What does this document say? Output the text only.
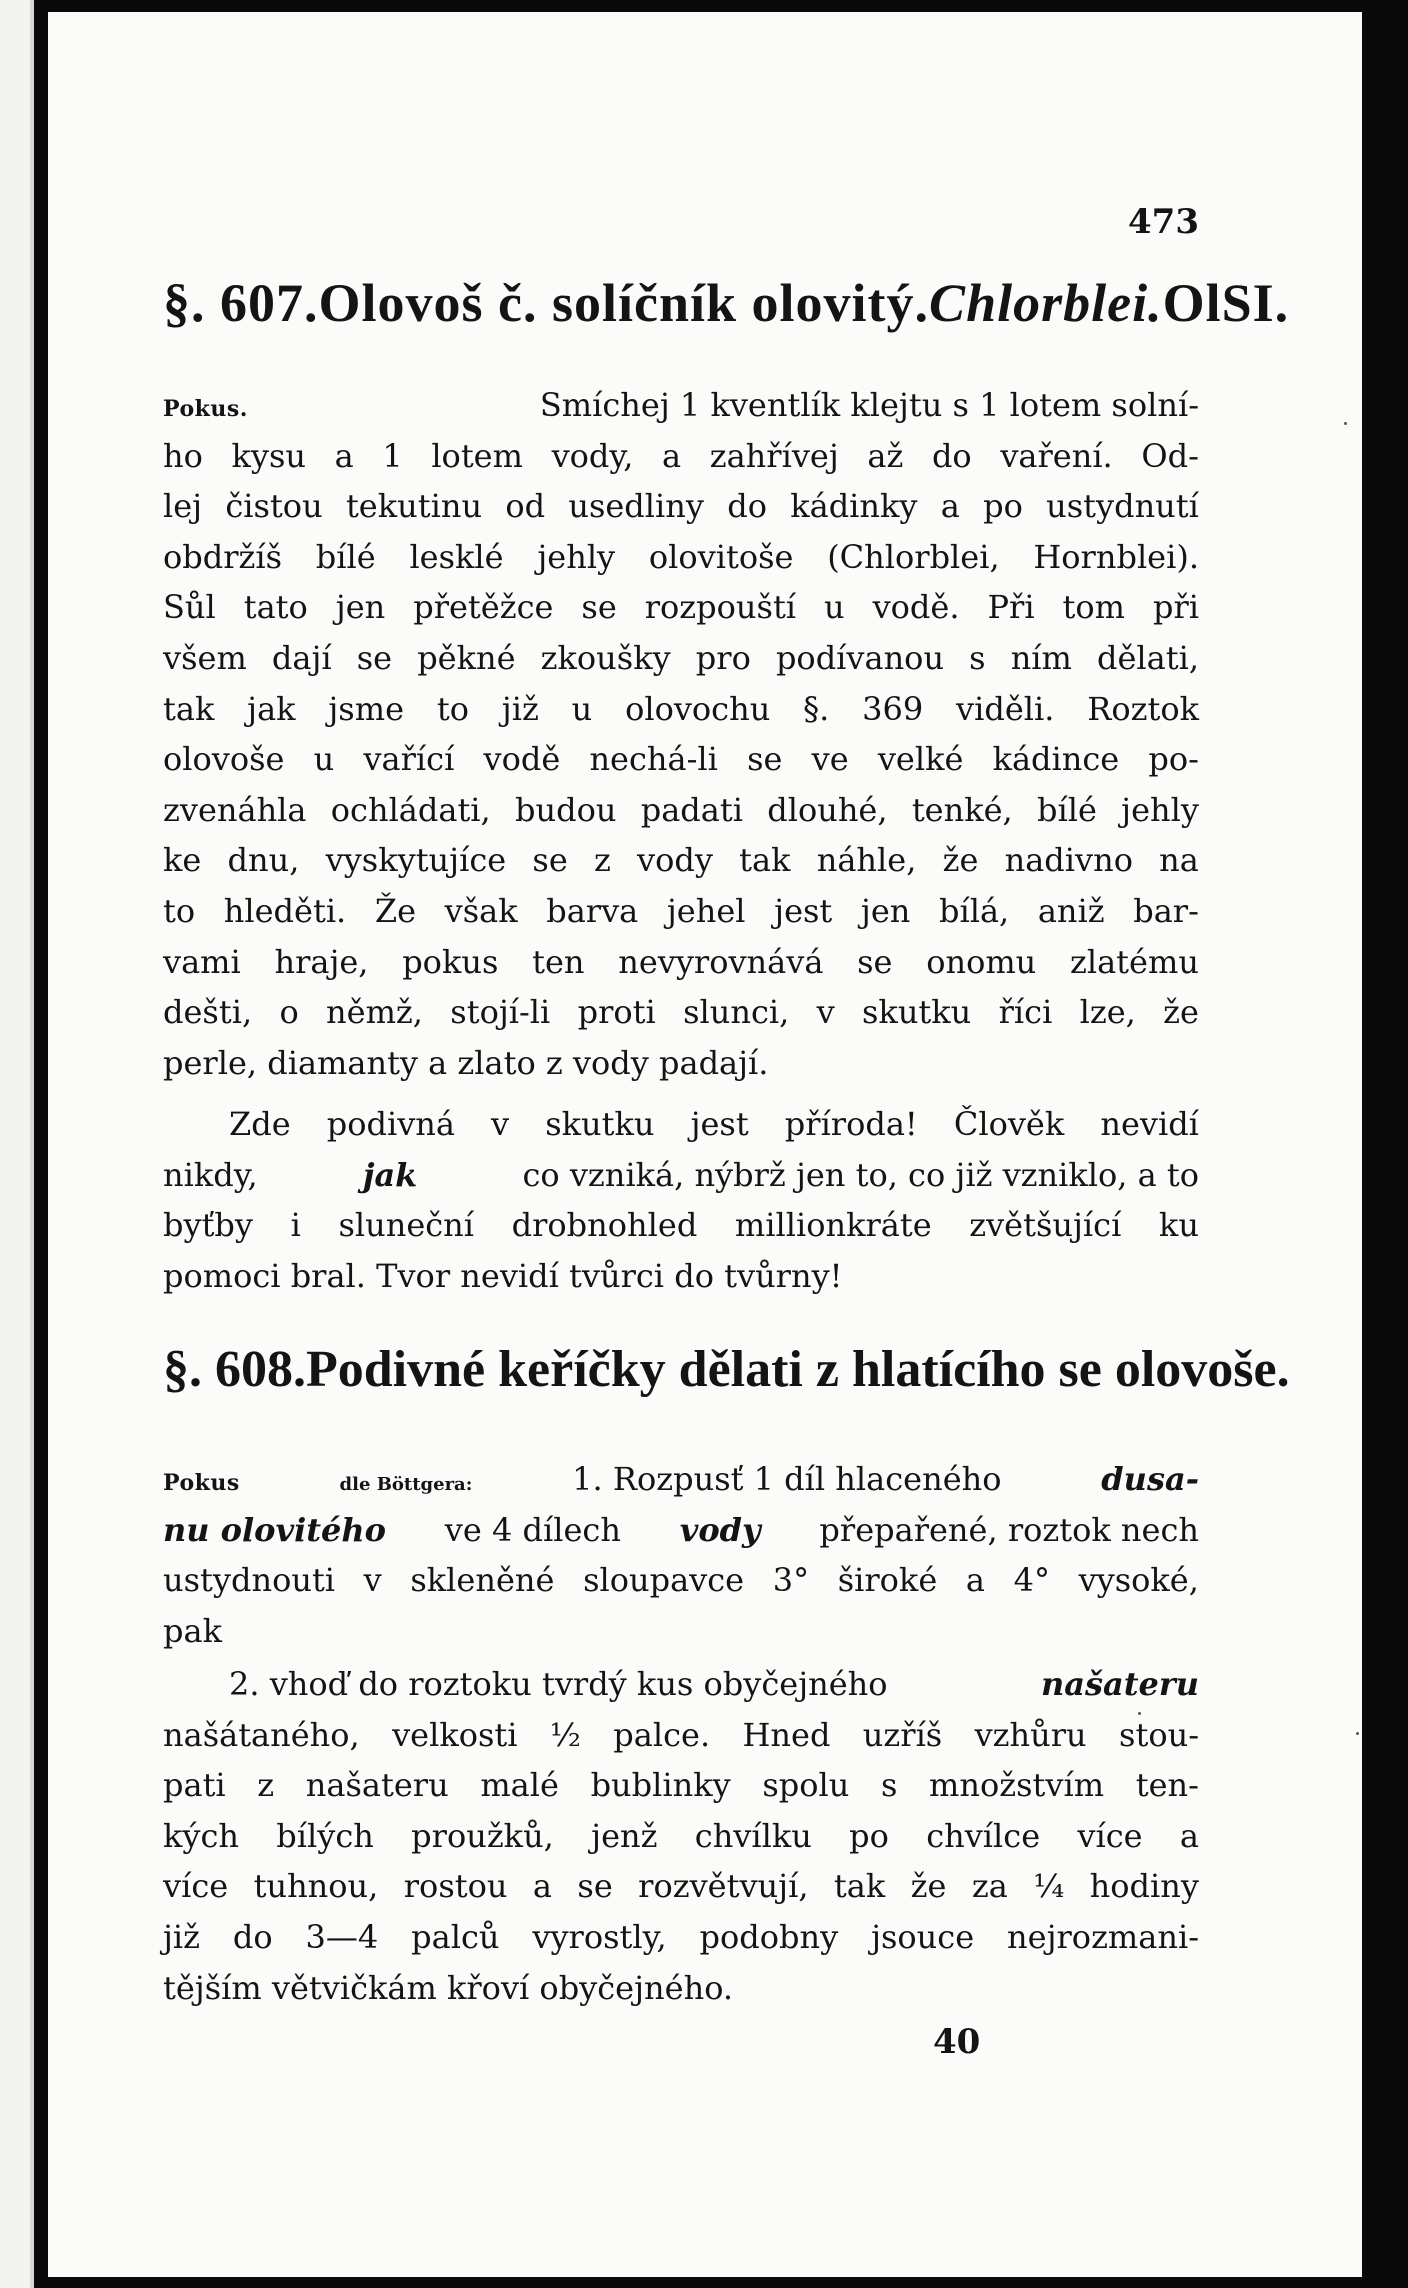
473
§. 607. Olovoš č. solíčník olovitý. Chlorblei. OlSI.
Pokus.	Smíchej 1 kventlík klejtu s 1 lotem solní-
ho kysu a 1 lotem vody, a zahřívej až do vaření. Od-
lej čistou tekutinu od usedliny do kádinky a po ustydnutí
obdržíš bílé lesklé jehly olovitoše (Chlorblei, Hornblei).
Sůl tato jen přetěžce se rozpouští u vodě. Při tom při
všem dají se pěkné zkoušky pro podívanou s ním dělati,
tak jak jsme to již u olovochu §. 369 viděli. Roztok
olovoše u vařící vodě nechá-li se ve velké kádince po-
zvenáhla ochládati, budou padati dlouhé, tenké, bílé jehly
ke dnu, vyskytujíce se z vody tak náhle, že nadivno na
to hleděti. Že však barva jehel jest jen bílá, aniž bar-
vami hraje, pokus ten nevyrovnává se onomu zlatému
dešti, o němž, stojí-li proti slunci, v skutku říci lze, že
perle, diamanty a zlato z vody padají.
Zde podivná v skutku jest příroda! Člověk nevidí
nikdy,	jak	co vzniká, nýbrž jen to, co již vzniklo, a to
byťby i sluneční drobnohled millionkráte zvětšující ku
pomoci bral. Tvor nevidí tvůrci do tvůrny!
§. 608. Podivné keříčky dělati z hlatícího se olovoše.
Pokus	dle Böttgera:	1. Rozpusť 1 díl hlaceného	dusa-
nu olovitého ve 4 dílech vody přepařené, roztok nech
ustydnouti v skleněné sloupavce 3° široké a 4° vysoké,
pak
2. vhoď do roztoku tvrdý kus obyčejného	našateru
našátaného, velkosti ½ palce. Hned uzříš vzhůru stou-
pati z našateru malé bublinky spolu s množstvím ten-
kých bílých proužků, jenž chvílku po chvílce více a
více tuhnou, rostou a se rozvětvují, tak že za ¼ hodiny
již do 3—4 palců vyrostly, podobny jsouce nejrozmani-
tějším větvičkám křoví obyčejného.
40
